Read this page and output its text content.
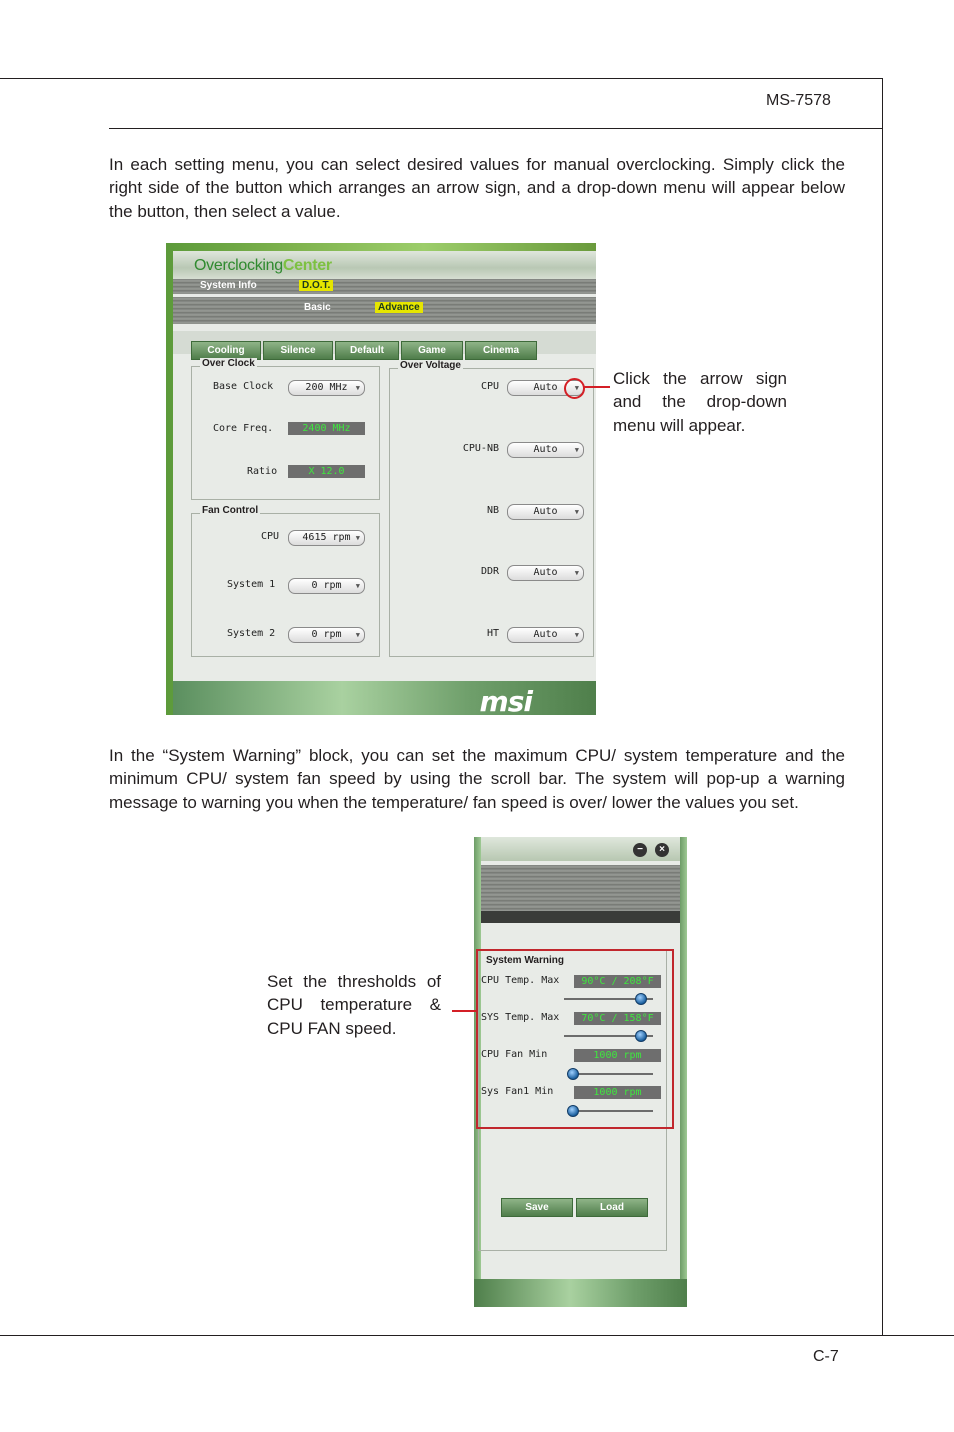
MS-7578
C-7

In each setting menu, you can select desired values for manual overclocking. Simply click the right side of the button which arranges an arrow sign, and a drop-down menu will appear below the button, then select a value.

OverclockingCenter
System Info	D.O.T.
Basic	Advance
Cooling	Silence	Default	Game	Cinema
Over Clock
Base Clock	200 MHz ▼
Core Freq.	2400 MHz
Ratio	X 12.0
Fan Control
CPU	4615 rpm ▼
System 1	0 rpm ▼
System 2	0 rpm ▼
Over Voltage
CPU	Auto ▼
CPU-NB	Auto ▼
NB	Auto ▼
DDR	Auto ▼
HT	Auto ▼
msi

Click the arrow sign and the drop-down menu will appear.

In the “System Warning” block, you can set the maximum CPU/ system temperature and the minimum CPU/ system fan speed by using the scroll bar. The system will pop-up a warning message to warning you when the temperature/ fan speed is over/ lower the values you set.

−	×
System Warning
CPU Temp. Max	90°C / 208°F
SYS Temp. Max	70°C / 158°F
CPU Fan Min	1000 rpm
Sys Fan1 Min	1000 rpm
Save	Load

Set the thresholds of CPU temperature & CPU FAN speed.
